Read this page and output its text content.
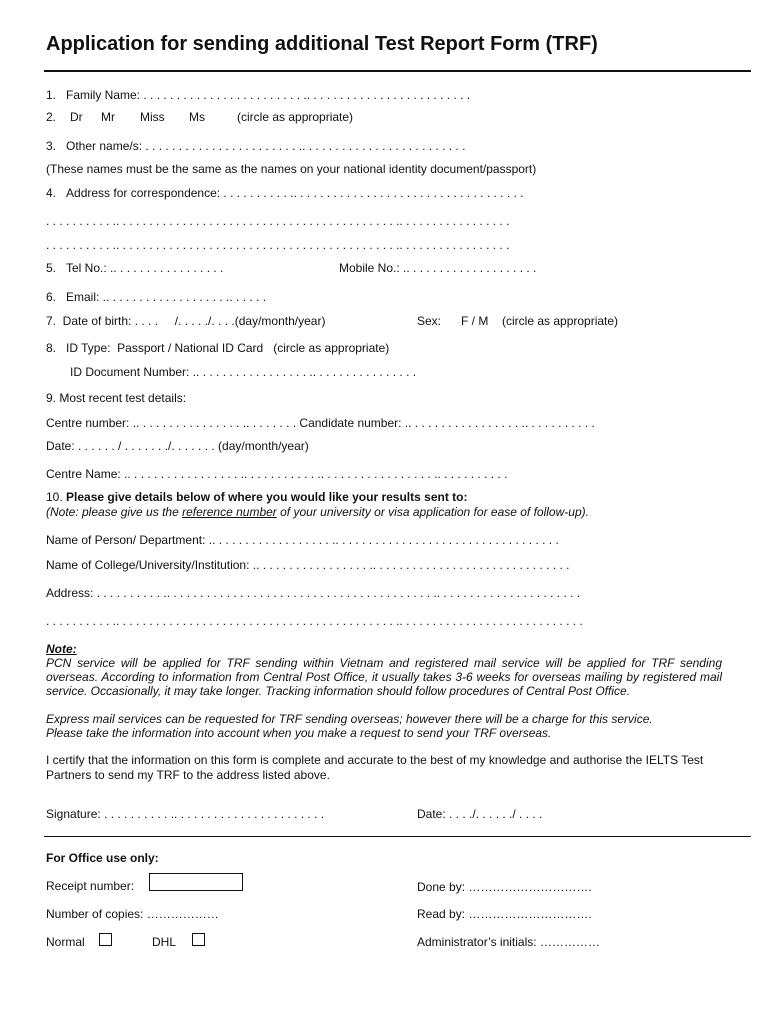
Application for sending additional Test Report Form (TRF)
1.   Family Name: . . . . . . . . . . . . . . . . . . . . . . . . .. . . . . . . . . . . . . . . . . . . . . . . . .
2. Dr Mr Miss Ms	(circle as appropriate)
3.   Other name/s: . . . . . . . . . . . . . . . . . . . . . . . .. . . . . . . . . . . . . . . . . . . . . . . . .
(These names must be the same as the names on your national identity document/passport)
4.   Address for correspondence: . . . . . . . . . . .. . . . . . . . . . . . . . . . . . . . . . . . . . . . . . . . . . .
. . . . . . . . . . .. . . . . . . . . . . . . . . . . . . . . . . . . . . . . . . . . . . . . . . . . . .. . . . . . . . . . . . . . . . .
. . . . . . . . . . .. . . . . . . . . . . . . . . . . . . . . . . . . . . . . . . . . . . . . . . . . . .. . . . . . . . . . . . . . . . .
5.   Tel No.: .. . . . . . . . . . . . . . . . .	Mobile No.: .. . . . . . . . . . . . . . . . . . . .
6.   Email: .. . . . . . . . . . . . . . . . . . .. . . . . .
7.  Date of birth: . . . .     /. . . . ./. . . .(day/month/year)	Sex: F / M (circle as appropriate)
8.   ID Type:  Passport / National ID Card   (circle as appropriate)
ID Document Number: .. . . . . . . . . . . . . . . . . .. . . . . . . . . . . . . . . .
9. Most recent test details:
Centre number: .. . . . . . . . . . . . . . . . .. . . . . . . . Candidate number: .. . . . . . . . . . . . . . . . . .. . . . . . . . . . .
Date: . . . . . . / . . . . . . ./. . . . . . . (day/month/year)
Centre Name: .. . . . . . . . . . . . . . . . . .. . . . . . . . . . . .. . . . . . . . . . . . . . . . . .. . . . . . . . . . .
10. Please give details below of where you would like your results sent to:
(Note: please give us the reference number of your university or visa application for ease of follow-up).
Name of Person/ Department: .. . . . . . . . . . . . . . . . . . .. . . . . . . . . . . . . . . . . . . . . . . . . . . . . . . . . .
Name of College/University/Institution: .. . . . . . . . . . . . . . . . . .. . . . . . . . . . . . . . . . . . . . . . . . . . . . . .
Address: . . . . . . . . . . .. . . . . . . . . . . . . . . . . . . . . . . . . . . . . . . . . . . . . . . . .. . . . . . . . . . . . . . . . . . . . . .
. . . . . . . . . . .. . . . . . . . . . . . . . . . . . . . . . . . . . . . . . . . . . . . . . . . . . .. . . . . . . . . . . . . . . . . . . . . . . . . . . .
Note:
PCN service will be applied for TRF sending within Vietnam and registered mail service will be applied for TRF sending overseas. According to information from Central Post Office, it usually takes 3-6 weeks for overseas mailing by registered mail service. Occasionally, it may take longer. Tracking information should follow procedures of Central Post Office.
Express mail services can be requested for TRF sending overseas; however there will be a charge for this service.
Please take the information into account when you make a request to send your TRF overseas.
I certify that the information on this form is complete and accurate to the best of my knowledge and authorise the IELTS Test Partners to send my TRF to the address listed above.
Signature: . . . . . . . . . . .. . . . . . . . . . . . . . . . . . . . . . .	Date: . . . ./. . . . . ./ . . . .
For Office use only:
Receipt number:	Done by: ………………………….
Number of copies: ………………	Read by: ………………………….
Normal	DHL	Administrator’s initials: ……………
